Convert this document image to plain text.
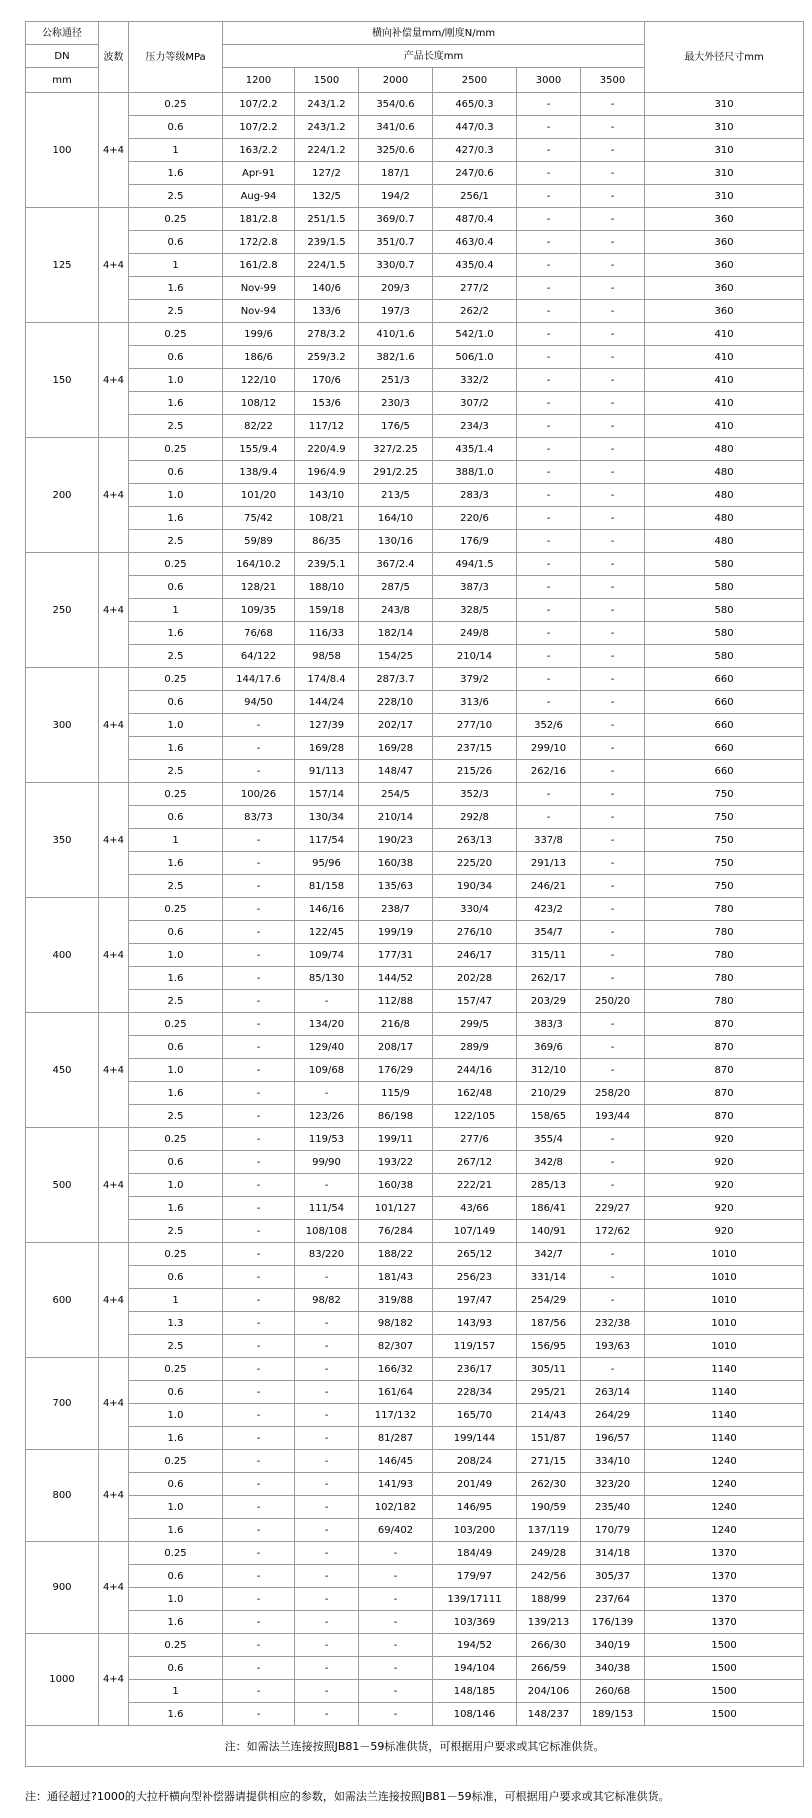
公称通径	波数	压力等级MPa	横向补偿量mm/刚度N/mm						最大外径尺寸mm
DN			产品长度mm						
mm			1200	1500	2000	2500	3000	3500	
100	4+4	0.25	107/2.2	243/1.2	354/0.6	465/0.3	-	-	310
		0.6	107/2.2	243/1.2	341/0.6	447/0.3	-	-	310
		1	163/2.2	224/1.2	325/0.6	427/0.3	-	-	310
		1.6	Apr-91	127/2	187/1	247/0.6	-	-	310
		2.5	Aug-94	132/5	194/2	256/1	-	-	310
125	4+4	0.25	181/2.8	251/1.5	369/0.7	487/0.4	-	-	360
		0.6	172/2.8	239/1.5	351/0.7	463/0.4	-	-	360
		1	161/2.8	224/1.5	330/0.7	435/0.4	-	-	360
		1.6	Nov-99	140/6	209/3	277/2	-	-	360
		2.5	Nov-94	133/6	197/3	262/2	-	-	360
150	4+4	0.25	199/6	278/3.2	410/1.6	542/1.0	-	-	410
		0.6	186/6	259/3.2	382/1.6	506/1.0	-	-	410
		1.0	122/10	170/6	251/3	332/2	-	-	410
		1.6	108/12	153/6	230/3	307/2	-	-	410
		2.5	82/22	117/12	176/5	234/3	-	-	410
200	4+4	0.25	155/9.4	220/4.9	327/2.25	435/1.4	-	-	480
		0.6	138/9.4	196/4.9	291/2.25	388/1.0	-	-	480
		1.0	101/20	143/10	213/5	283/3	-	-	480
		1.6	75/42	108/21	164/10	220/6	-	-	480
		2.5	59/89	86/35	130/16	176/9	-	-	480
250	4+4	0.25	164/10.2	239/5.1	367/2.4	494/1.5	-	-	580
		0.6	128/21	188/10	287/5	387/3	-	-	580
		1	109/35	159/18	243/8	328/5	-	-	580
		1.6	76/68	116/33	182/14	249/8	-	-	580
		2.5	64/122	98/58	154/25	210/14	-	-	580
300	4+4	0.25	144/17.6	174/8.4	287/3.7	379/2	-	-	660
		0.6	94/50	144/24	228/10	313/6	-	-	660
		1.0	-	127/39	202/17	277/10	352/6	-	660
		1.6	-	169/28	169/28	237/15	299/10	-	660
		2.5	-	91/113	148/47	215/26	262/16	-	660
350	4+4	0.25	100/26	157/14	254/5	352/3	-	-	750
		0.6	83/73	130/34	210/14	292/8	-	-	750
		1	-	117/54	190/23	263/13	337/8	-	750
		1.6	-	95/96	160/38	225/20	291/13	-	750
		2.5	-	81/158	135/63	190/34	246/21	-	750
400	4+4	0.25	-	146/16	238/7	330/4	423/2	-	780
		0.6	-	122/45	199/19	276/10	354/7	-	780
		1.0	-	109/74	177/31	246/17	315/11	-	780
		1.6	-	85/130	144/52	202/28	262/17	-	780
		2.5	-	-	112/88	157/47	203/29	250/20	780
450	4+4	0.25	-	134/20	216/8	299/5	383/3	-	870
		0.6	-	129/40	208/17	289/9	369/6	-	870
		1.0	-	109/68	176/29	244/16	312/10	-	870
		1.6	-	-	115/9	162/48	210/29	258/20	870
		2.5	-	123/26	86/198	122/105	158/65	193/44	870
500	4+4	0.25	-	119/53	199/11	277/6	355/4	-	920
		0.6	-	99/90	193/22	267/12	342/8	-	920
		1.0	-	-	160/38	222/21	285/13	-	920
		1.6	-	111/54	101/127	43/66	186/41	229/27	920
		2.5	-	108/108	76/284	107/149	140/91	172/62	920
600	4+4	0.25	-	83/220	188/22	265/12	342/7	-	1010
		0.6	-	-	181/43	256/23	331/14	-	1010
		1	-	98/82	319/88	197/47	254/29	-	1010
		1.3	-	-	98/182	143/93	187/56	232/38	1010
		2.5	-	-	82/307	119/157	156/95	193/63	1010
700	4+4	0.25	-	-	166/32	236/17	305/11	-	1140
		0.6	-	-	161/64	228/34	295/21	263/14	1140
		1.0	-	-	117/132	165/70	214/43	264/29	1140
		1.6	-	-	81/287	199/144	151/87	196/57	1140
800	4+4	0.25	-	-	146/45	208/24	271/15	334/10	1240
		0.6	-	-	141/93	201/49	262/30	323/20	1240
		1.0	-	-	102/182	146/95	190/59	235/40	1240
		1.6	-	-	69/402	103/200	137/119	170/79	1240
900	4+4	0.25	-	-	-	184/49	249/28	314/18	1370
		0.6	-	-	-	179/97	242/56	305/37	1370
		1.0	-	-	-	139/17111	188/99	237/64	1370
		1.6	-	-	-	103/369	139/213	176/139	1370
1000	4+4	0.25	-	-	-	194/52	266/30	340/19	1500
		0.6	-	-	-	194/104	266/59	340/38	1500
		1	-	-	-	148/185	204/106	260/68	1500
		1.6	-	-	-	108/146	148/237	189/153	1500
注：如需法兰连接按照JB81－59标准供货，可根据用户要求或其它标准供货。									
注：通径超过?1000的大拉杆横向型补偿器请提供相应的参数，如需法兰连接按照JB81－59标准，可根据用户要求或其它标准供货。
